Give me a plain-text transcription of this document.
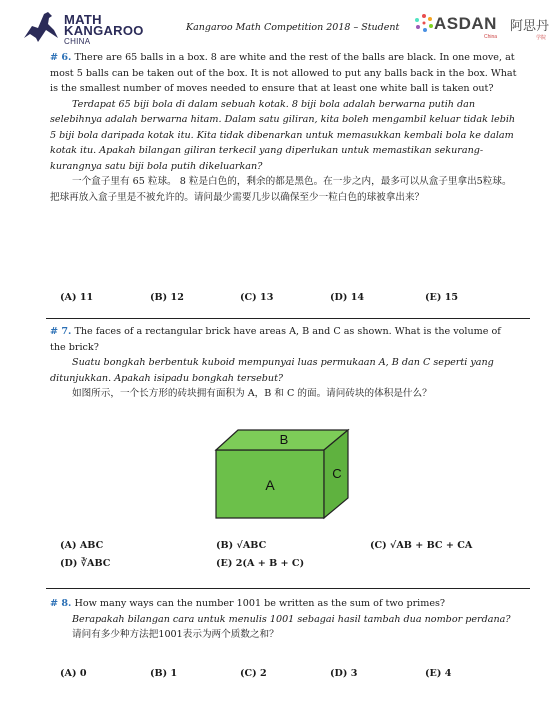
MATH
KANGAROO
CHINA
Kangaroo Math Competition 2018 – Student ASDAN 阿思丹
China	学院

# 6. There are 65 balls in a box. 8 are white and the rest of the balls are black. In one move, at most 5 balls can be taken out of the box. It is not allowed to put any balls back in the box. What is the smallest number of moves needed to ensure that at least one white ball is taken out?

Terdapat 65 biji bola di dalam sebuah kotak. 8 biji bola adalah berwarna putih dan selebihnya adalah berwarna hitam. Dalam satu giliran, kita boleh mengambil keluar tidak lebih 5 biji bola daripada kotak itu. Kita tidak dibenarkan untuk memasukkan kembali bola ke dalam kotak itu. Apakah bilangan giliran terkecil yang diperlukan untuk memastikan sekurang-kurangnya satu biji bola putih dikeluarkan?

一个盒子里有 65 粒球。 8 粒是白色的，剩余的都是黑色。在一步之内，最多可以从盒子里拿出5粒球。把球再放入盒子里是不被允许的。请问最少需要几步以确保至少一粒白色的球被拿出来？

(A) 11	(B) 12	(C) 13	(D) 14	(E) 15

# 7. The faces of a rectangular brick have areas A, B and C as shown. What is the volume of the brick?

Suatu bongkah berbentuk kuboid mempunyai luas permukaan A, B dan C seperti yang ditunjukkan. Apakah isipadu bongkah tersebut?

如图所示，一个长方形的砖块拥有面积为 A，B 和 C 的面。请问砖块的体积是什么？

B
A
C
(A) ABC	(B) √ABC	(C) √AB + BC + CA
(D) ∛ABC	(E) 2(A + B + C)

# 8. How many ways can the number 1001 be written as the sum of two primes?

Berapakah bilangan cara untuk menulis 1001 sebagai hasil tambah dua nombor perdana?

请问有多少种方法把1001表示为两个质数之和？

(A) 0	(B) 1	(C) 2	(D) 3	(E) 4
